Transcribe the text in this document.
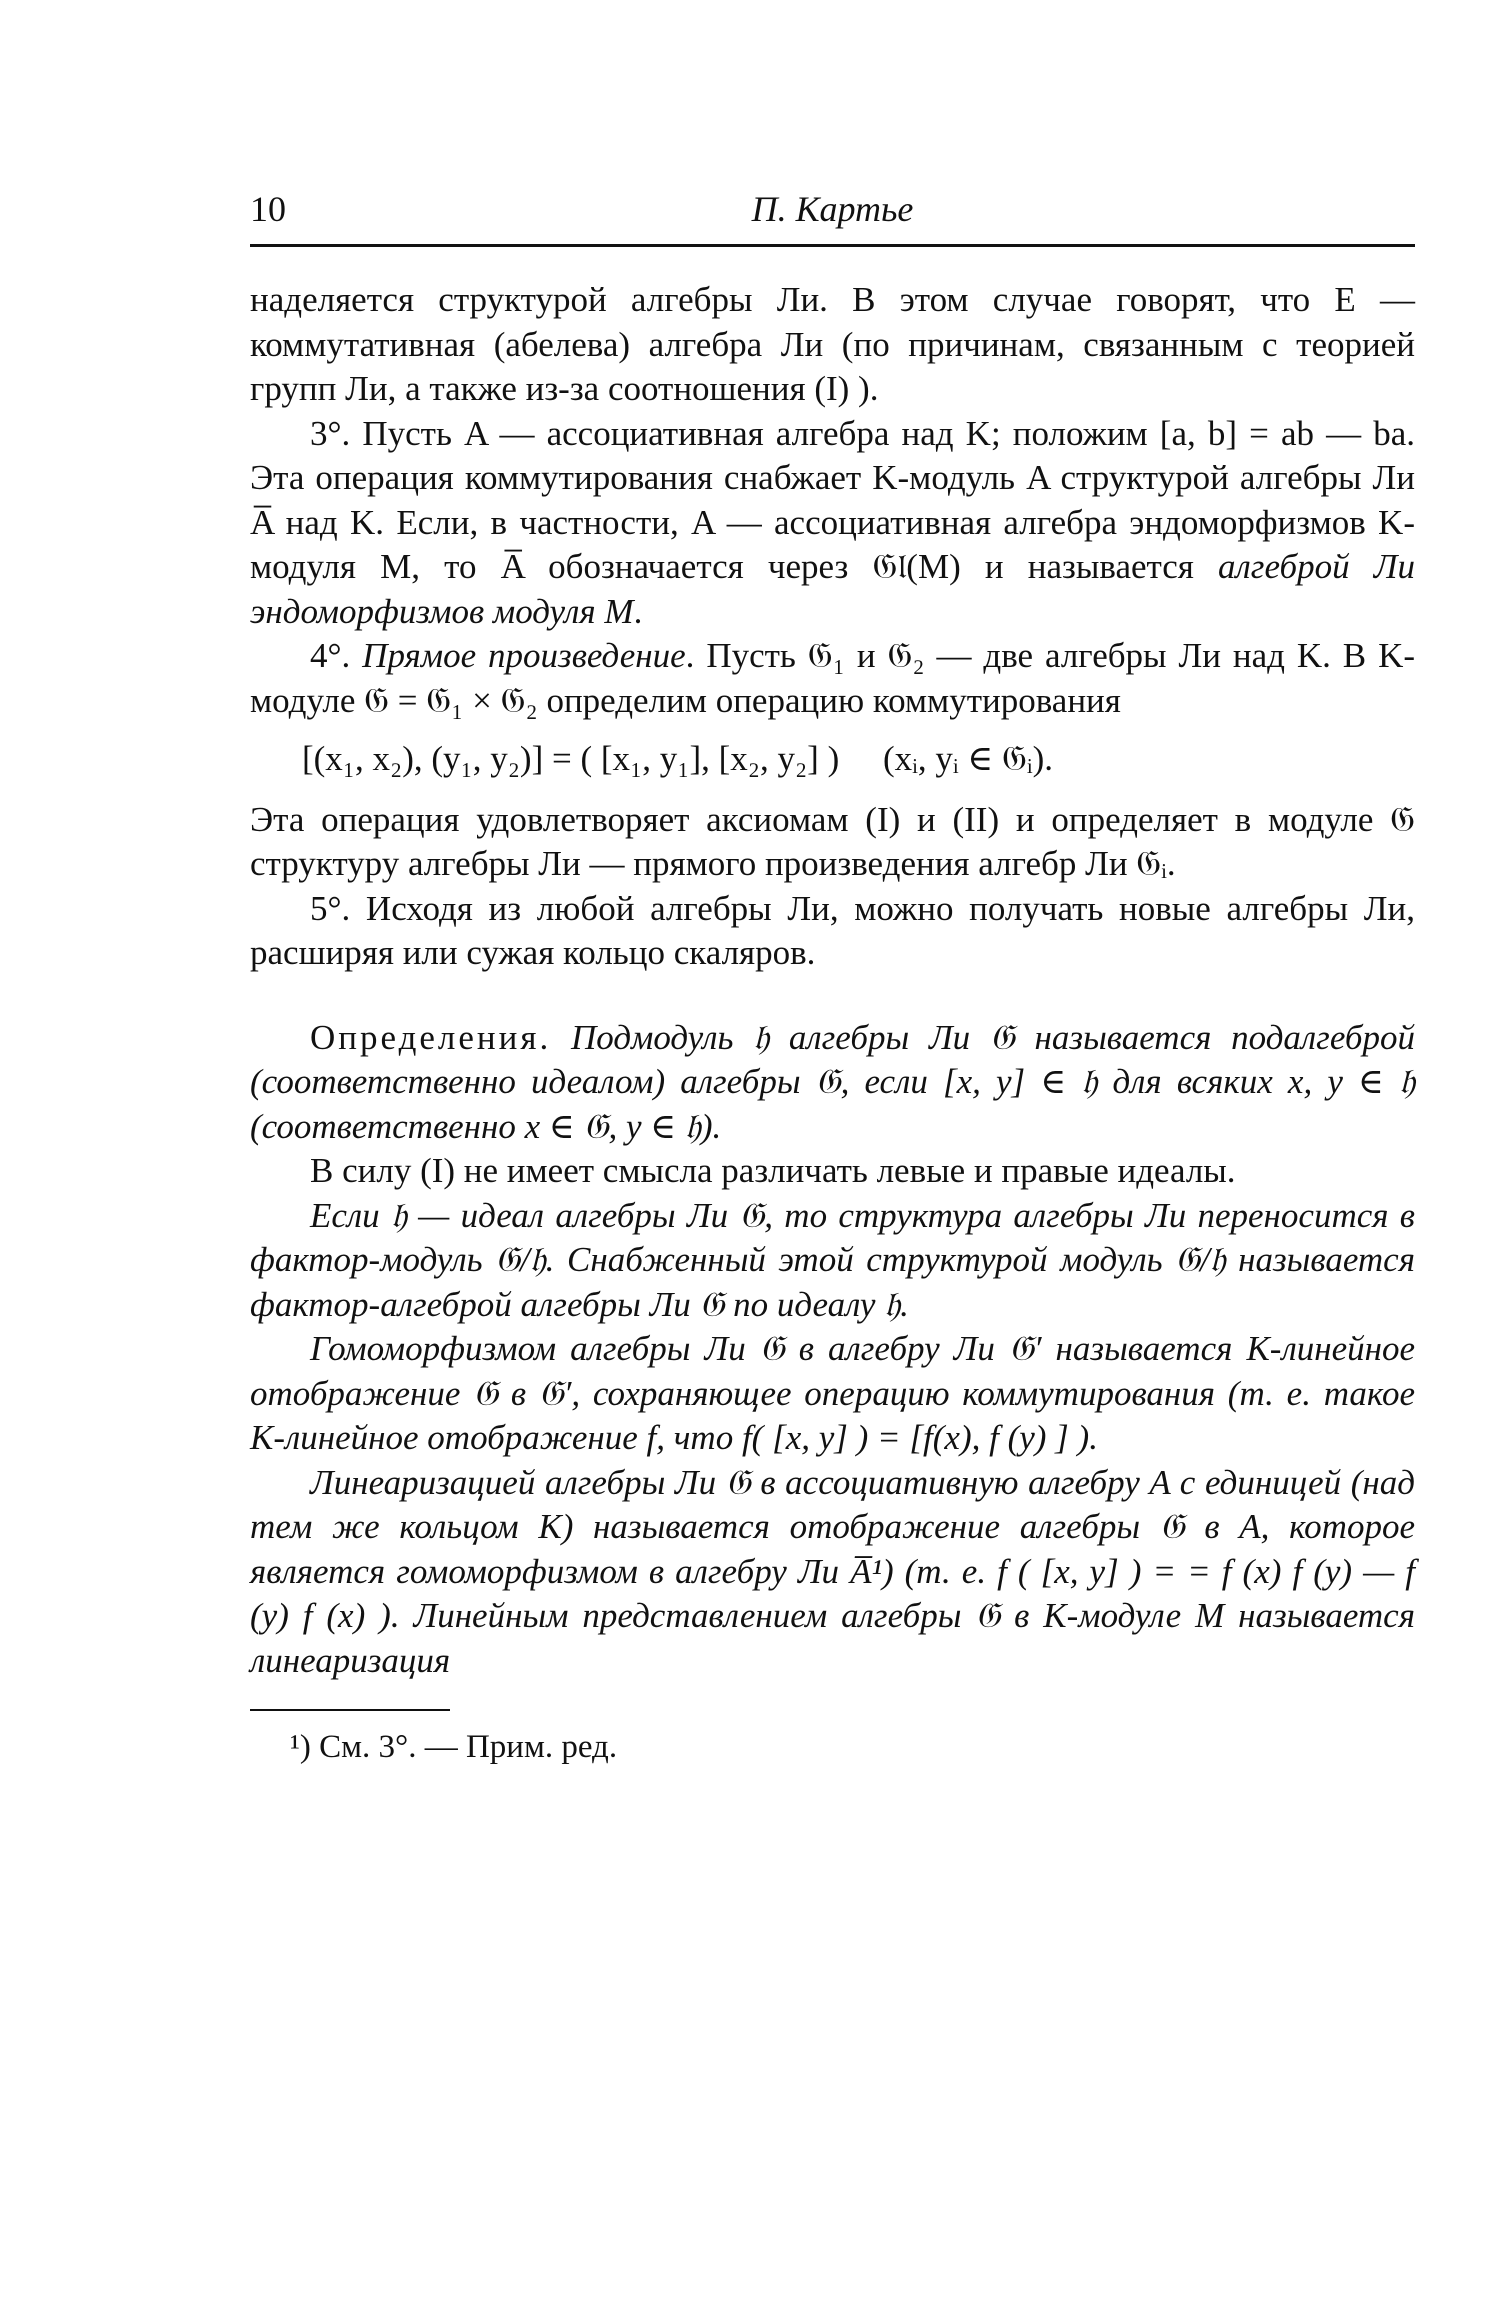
10	П. Картье

наделяется структурой алгебры Ли. В этом случае говорят, что E — коммутативная (абелева) алгебра Ли (по причинам, связанным с теорией групп Ли, а также из-за соотношения (I) ).

3°. Пусть A — ассоциативная алгебра над K; положим [a, b] = ab — ba. Эта операция коммутирования снабжает K-модуль A структурой алгебры Ли A̅ над K. Если, в частности, A — ассоциативная алгебра эндоморфизмов K-модуля M, то A̅ обозначается через 𝔊𝔩(M) и называется алгеброй Ли эндоморфизмов модуля M.

4°. Прямое произведение. Пусть 𝔊₁ и 𝔊₂ — две алгебры Ли над K. В K-модуле 𝔊 = 𝔊₁ × 𝔊₂ определим операцию коммутирования

[(x₁, x₂), (y₁, y₂)] = ( [x₁, y₁], [x₂, y₂] )     (xᵢ, yᵢ ∈ 𝔊ᵢ).

Эта операция удовлетворяет аксиомам (I) и (II) и определяет в модуле 𝔊 структуру алгебры Ли — прямого произведения алгебр Ли 𝔊ᵢ.

5°. Исходя из любой алгебры Ли, можно получать новые алгебры Ли, расширяя или сужая кольцо скаляров.

Определения. Подмодуль 𝔥 алгебры Ли 𝔊 называется подалгеброй (соответственно идеалом) алгебры 𝔊, если [x, y] ∈ 𝔥 для всяких x, y ∈ 𝔥 (соответственно x ∈ 𝔊, y ∈ 𝔥).

В силу (I) не имеет смысла различать левые и правые идеалы.

Если 𝔥 — идеал алгебры Ли 𝔊, то структура алгебры Ли переносится в фактор-модуль 𝔊/𝔥. Снабженный этой структурой модуль 𝔊/𝔥 называется фактор-алгеброй алгебры Ли 𝔊 по идеалу 𝔥.

Гомоморфизмом алгебры Ли 𝔊 в алгебру Ли 𝔊′ называется K-линейное отображение 𝔊 в 𝔊′, сохраняющее операцию коммутирования (т. е. такое K-линейное отображение f, что f( [x, y] ) = [f(x), f (y) ] ).

Линеаризацией алгебры Ли 𝔊 в ассоциативную алгебру A с единицей (над тем же кольцом K) называется отображение алгебры 𝔊 в A, которое является гомоморфизмом в алгебру Ли A̅¹) (т. е. f ( [x, y] ) = = f (x) f (y) — f (y) f (x) ). Линейным представлением алгебры 𝔊 в K-модуле M называется линеаризация

¹) См. 3°. — Прим. ред.
